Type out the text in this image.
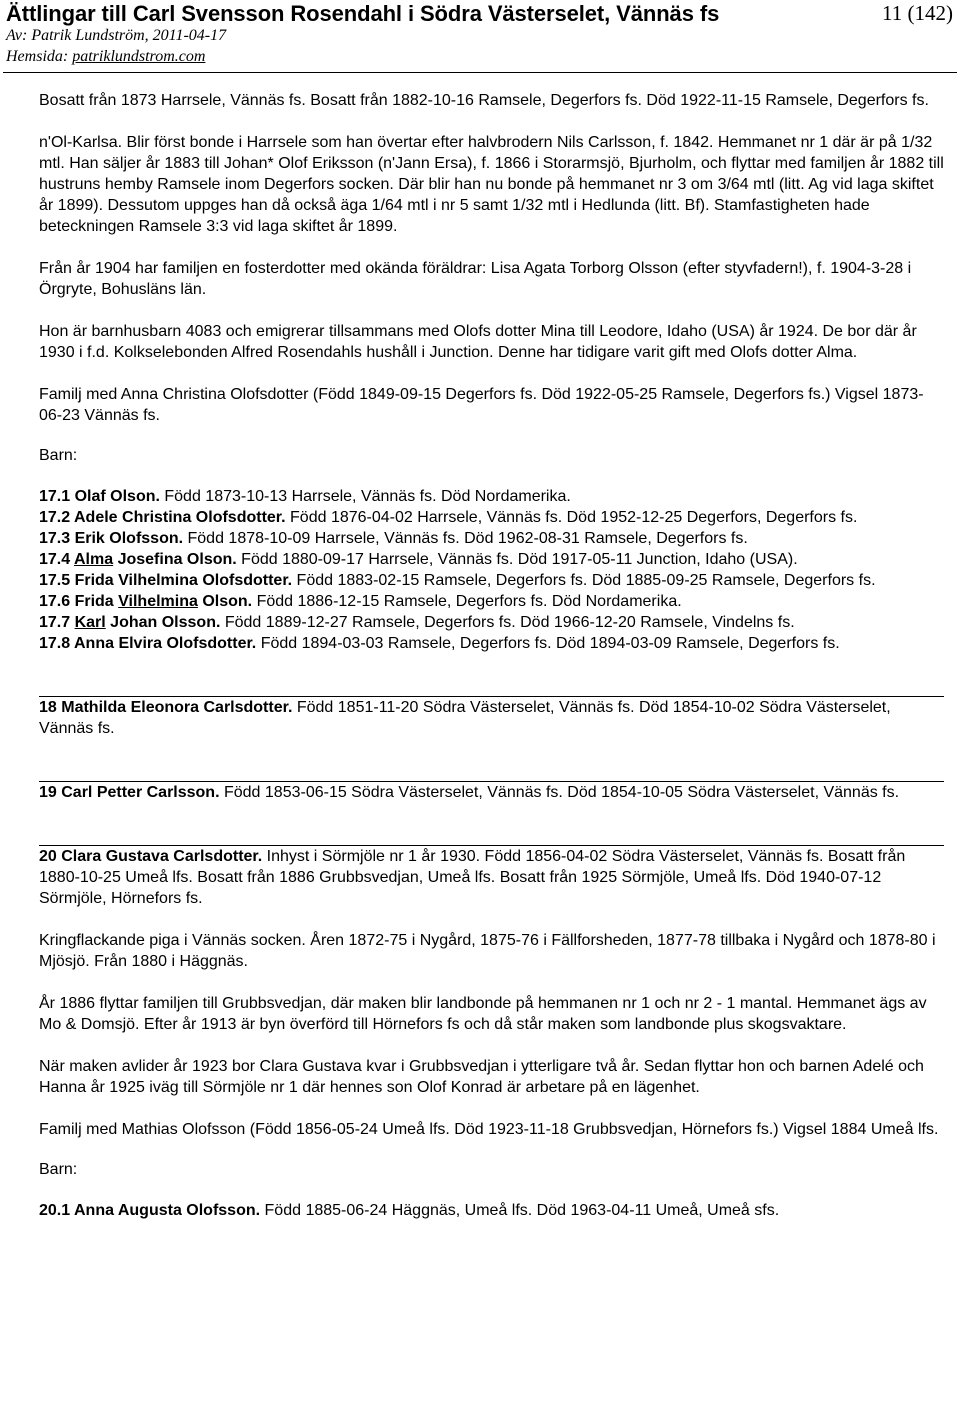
Ättlingar till Carl Svensson Rosendahl i Södra Västerselet, Vännäs fs	11 (142)
Av: Patrik Lundström, 2011-04-17
Hemsida: patriklundstrom.com

Bosatt från 1873 Harrsele, Vännäs fs. Bosatt från 1882-10-16 Ramsele, Degerfors fs. Död 1922-11-15 Ramsele, Degerfors fs.

n'Ol-Karlsa. Blir först bonde i Harrsele som han övertar efter halvbrodern Nils Carlsson, f. 1842. Hemmanet nr 1 där är på 1/32 mtl. Han säljer år 1883 till Johan* Olof Eriksson (n'Jann Ersa), f. 1866 i Storarmsjö, Bjurholm, och flyttar med familjen år 1882 till hustruns hemby Ramsele inom Degerfors socken. Där blir han nu bonde på hemmanet nr 3 om 3/64 mtl (litt. Ag vid laga skiftet år 1899). Dessutom uppges han då också äga 1/64 mtl i nr 5 samt 1/32 mtl i Hedlunda (litt. Bf). Stamfastigheten hade beteckningen Ramsele 3:3 vid laga skiftet år 1899.

Från år 1904 har familjen en fosterdotter med okända föräldrar: Lisa Agata Torborg Olsson (efter styvfadern!), f. 1904-3-28 i Örgryte, Bohusläns län.

Hon är barnhusbarn 4083 och emigrerar tillsammans med Olofs dotter Mina till Leodore, Idaho (USA) år 1924. De bor där år 1930 i f.d. Kolkselebonden Alfred Rosendahls hushåll i Junction. Denne har tidigare varit gift med Olofs dotter Alma.

Familj med Anna Christina Olofsdotter (Född 1849-09-15 Degerfors fs. Död 1922-05-25 Ramsele, Degerfors fs.) Vigsel 1873-06-23 Vännäs fs.

Barn:

17.1 Olaf Olson. Född 1873-10-13 Harrsele, Vännäs fs. Död Nordamerika.

17.2 Adele Christina Olofsdotter. Född 1876-04-02 Harrsele, Vännäs fs. Död 1952-12-25 Degerfors, Degerfors fs.

17.3 Erik Olofsson. Född 1878-10-09 Harrsele, Vännäs fs. Död 1962-08-31 Ramsele, Degerfors fs.

17.4 Alma Josefina Olson. Född 1880-09-17 Harrsele, Vännäs fs. Död 1917-05-11 Junction, Idaho (USA).

17.5 Frida Vilhelmina Olofsdotter. Född 1883-02-15 Ramsele, Degerfors fs. Död 1885-09-25 Ramsele, Degerfors fs.

17.6 Frida Vilhelmina Olson. Född 1886-12-15 Ramsele, Degerfors fs. Död Nordamerika.

17.7 Karl Johan Olsson. Född 1889-12-27 Ramsele, Degerfors fs. Död 1966-12-20 Ramsele, Vindelns fs.

17.8 Anna Elvira Olofsdotter. Född 1894-03-03 Ramsele, Degerfors fs. Död 1894-03-09 Ramsele, Degerfors fs.

18 Mathilda Eleonora Carlsdotter. Född 1851-11-20 Södra Västerselet, Vännäs fs. Död 1854-10-02 Södra Västerselet, Vännäs fs.

19 Carl Petter Carlsson. Född 1853-06-15 Södra Västerselet, Vännäs fs. Död 1854-10-05 Södra Västerselet, Vännäs fs.

20 Clara Gustava Carlsdotter. Inhyst i Sörmjöle nr 1 år 1930. Född 1856-04-02 Södra Västerselet, Vännäs fs. Bosatt från 1880-10-25 Umeå lfs. Bosatt från 1886 Grubbsvedjan, Umeå lfs. Bosatt från 1925 Sörmjöle, Umeå lfs. Död 1940-07-12 Sörmjöle, Hörnefors fs.

Kringflackande piga i Vännäs socken. Åren 1872-75 i Nygård, 1875-76 i Fällforsheden, 1877-78 tillbaka i Nygård och 1878-80 i Mjösjö. Från 1880 i Häggnäs.

År 1886 flyttar familjen till Grubbsvedjan, där maken blir landbonde på hemmanen nr 1 och nr 2 - 1 mantal. Hemmanet ägs av Mo & Domsjö. Efter år 1913 är byn överförd till Hörnefors fs och då står maken som landbonde plus skogsvaktare.

När maken avlider år 1923 bor Clara Gustava kvar i Grubbsvedjan i ytterligare två år. Sedan flyttar hon och barnen Adelé och Hanna år 1925 iväg till Sörmjöle nr 1 där hennes son Olof Konrad är arbetare på en lägenhet.

Familj med Mathias Olofsson (Född 1856-05-24 Umeå lfs. Död 1923-11-18 Grubbsvedjan, Hörnefors fs.) Vigsel 1884 Umeå lfs.

Barn:

20.1 Anna Augusta Olofsson. Född 1885-06-24 Häggnäs, Umeå lfs. Död 1963-04-11 Umeå, Umeå sfs.
